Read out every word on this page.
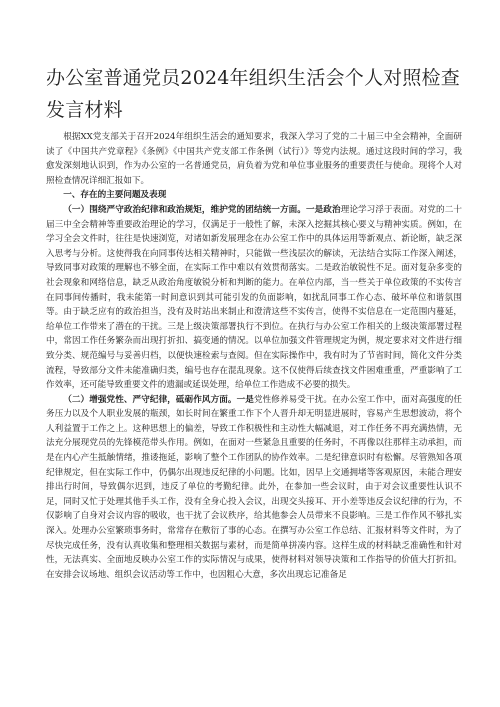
办公室普通党员2024年组织生活会个人对照检查发言材料

根据XX党支部关于召开2024年组织生活会的通知要求，我深入学习了党的二十届三中全会精神，全面研读了《中国共产党章程》《条例》《中国共产党支部工作条例（试行）》等党内法规。通过这段时间的学习，我愈发深刻地认识到，作为办公室的一名普通党员，肩负着为党和单位事业服务的重要责任与使命。现将个人对照检查情况详细汇报如下。

一、存在的主要问题及表现

（一）围绕严守政治纪律和政治规矩，维护党的团结统一方面。一是政治理论学习浮于表面。对党的二十届三中全会精神等重要政治理论的学习，仅满足于一般性了解，未深入挖掘其核心要义与精神实质。例如，在学习全会文件时，往往是快速浏览，对诸如新发展理念在办公室工作中的具体运用等新观点、新论断，缺乏深入思考与分析。这使得我在向同事传达相关精神时，只能做一些浅层次的解读，无法结合实际工作深入阐述，导致同事对政策的理解也不够全面，在实际工作中难以有效贯彻落实。二是政治敏锐性不足。面对复杂多变的社会现象和网络信息，缺乏从政治角度敏锐分析和判断的能力。在单位内部，当一些关于单位政策的不实传言在同事间传播时，我未能第一时间意识到其可能引发的负面影响，如扰乱同事工作心态、破坏单位和谐氛围等。由于缺乏应有的政治担当，没有及时站出来制止和澄清这些不实传言，使得不实信息在一定范围内蔓延，给单位工作带来了潜在的干扰。三是上级决策部署执行不到位。在执行与办公室工作相关的上级决策部署过程中，常因工作任务繁杂而出现打折扣、搞变通的情况。以单位加强文件管理规定为例，规定要求对文件进行细致分类、规范编号与妥善归档，以便快速检索与查阅。但在实际操作中，我有时为了节省时间，简化文件分类流程，导致部分文件未能准确归类，编号也存在混乱现象。这不仅使得后续查找文件困难重重，严重影响了工作效率，还可能导致重要文件的遗漏或延误处理，给单位工作造成不必要的损失。

（二）增强党性、严守纪律，砥砺作风方面。一是党性修养易受干扰。在办公室工作中，面对高强度的任务压力以及个人职业发展的瓶颈，如长时间在繁重工作下个人晋升却无明显进展时，容易产生思想波动，将个人利益置于工作之上。这种思想上的偏差，导致工作积极性和主动性大幅减退，对工作任务不再充满热情，无法充分展现党员的先锋模范带头作用。例如，在面对一些紧急且重要的任务时，不再像以往那样主动承担，而是在内心产生抵触情绪，推诿拖延，影响了整个工作团队的协作效率。二是纪律意识时有松懈。尽管熟知各项纪律规定，但在实际工作中，仍偶尔出现违反纪律的小问题。比如，因早上交通拥堵等客观原因，未能合理安排出行时间，导致偶尔迟到，违反了单位的考勤纪律。此外，在参加一些会议时，由于对会议重要性认识不足，同时又忙于处理其他手头工作，没有全身心投入会议，出现交头接耳、开小差等违反会议纪律的行为，不仅影响了自身对会议内容的吸收，也干扰了会议秩序，给其他参会人员带来不良影响。三是工作作风不够扎实深入。处理办公室繁琐事务时，常常存在敷衍了事的心态。在撰写办公室工作总结、汇报材料等文件时，为了尽快完成任务，没有认真收集和整理相关数据与素材，而是简单拼凑内容。这样生成的材料缺乏准确性和针对性，无法真实、全面地反映办公室工作的实际情况与成果，使得材料对领导决策和工作指导的价值大打折扣。在安排会议场地、组织会议活动等工作中，也因粗心大意，多次出现忘记准备足
